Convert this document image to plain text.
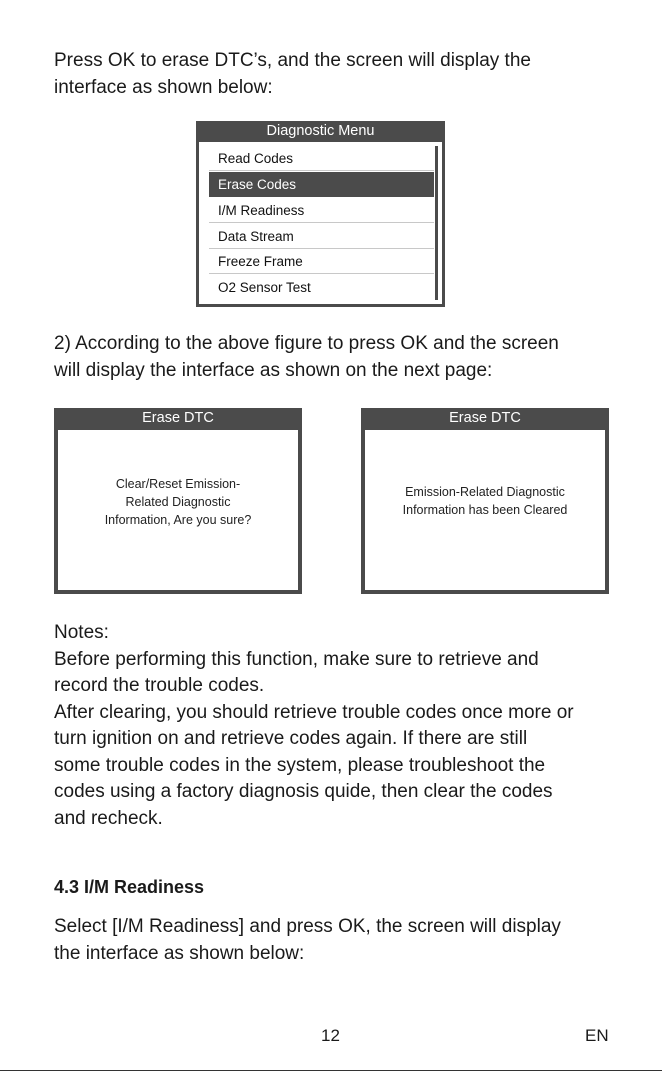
Press OK to erase DTC’s, and the screen will display the
interface as shown below:
Diagnostic Menu
Read Codes
Erase Codes
I/M Readiness
Data Stream
Freeze Frame
O2 Sensor Test
2) According to the above figure to press OK and the screen
will display the interface as shown on the next page:
Erase DTC
Clear/Reset Emission-
Related Diagnostic
Information, Are you sure?
Erase DTC
Emission-Related Diagnostic
Information has been Cleared
Notes:
Before performing this function, make sure to retrieve and
record the trouble codes.
After clearing, you should retrieve trouble codes once more or
turn ignition on and retrieve codes again. If there are still
some trouble codes in the system, please troubleshoot the
codes using a factory diagnosis quide, then clear the codes
and recheck.
4.3 I/M Readiness
Select [I/M Readiness] and press OK, the screen will display
the interface as shown below:
12	EN
